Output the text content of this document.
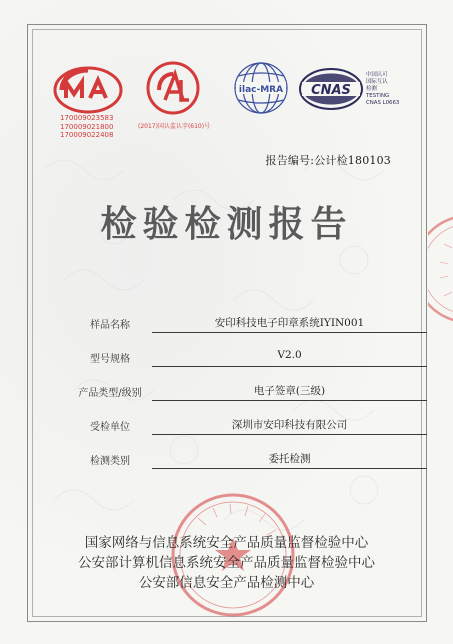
170009023583
170009021800
170009022408
(2017)国认监认字(610)号
ilac-MRA CNAS
中国认可
国际互认
检测
TESTING
CNAS L0663
报告编号:公计检180103
检验检测报告
样品名称	安印科技电子印章系统IYIN001
型号规格	V2.0
产品类型/级别	电子签章(三级)
受检单位	深圳市安印科技有限公司
检测类别	委托检测
国家网络与信息系统安全产品质量监督检验中心
公安部计算机信息系统安全产品质量监督检验中心
公安部信息安全产品检测中心
